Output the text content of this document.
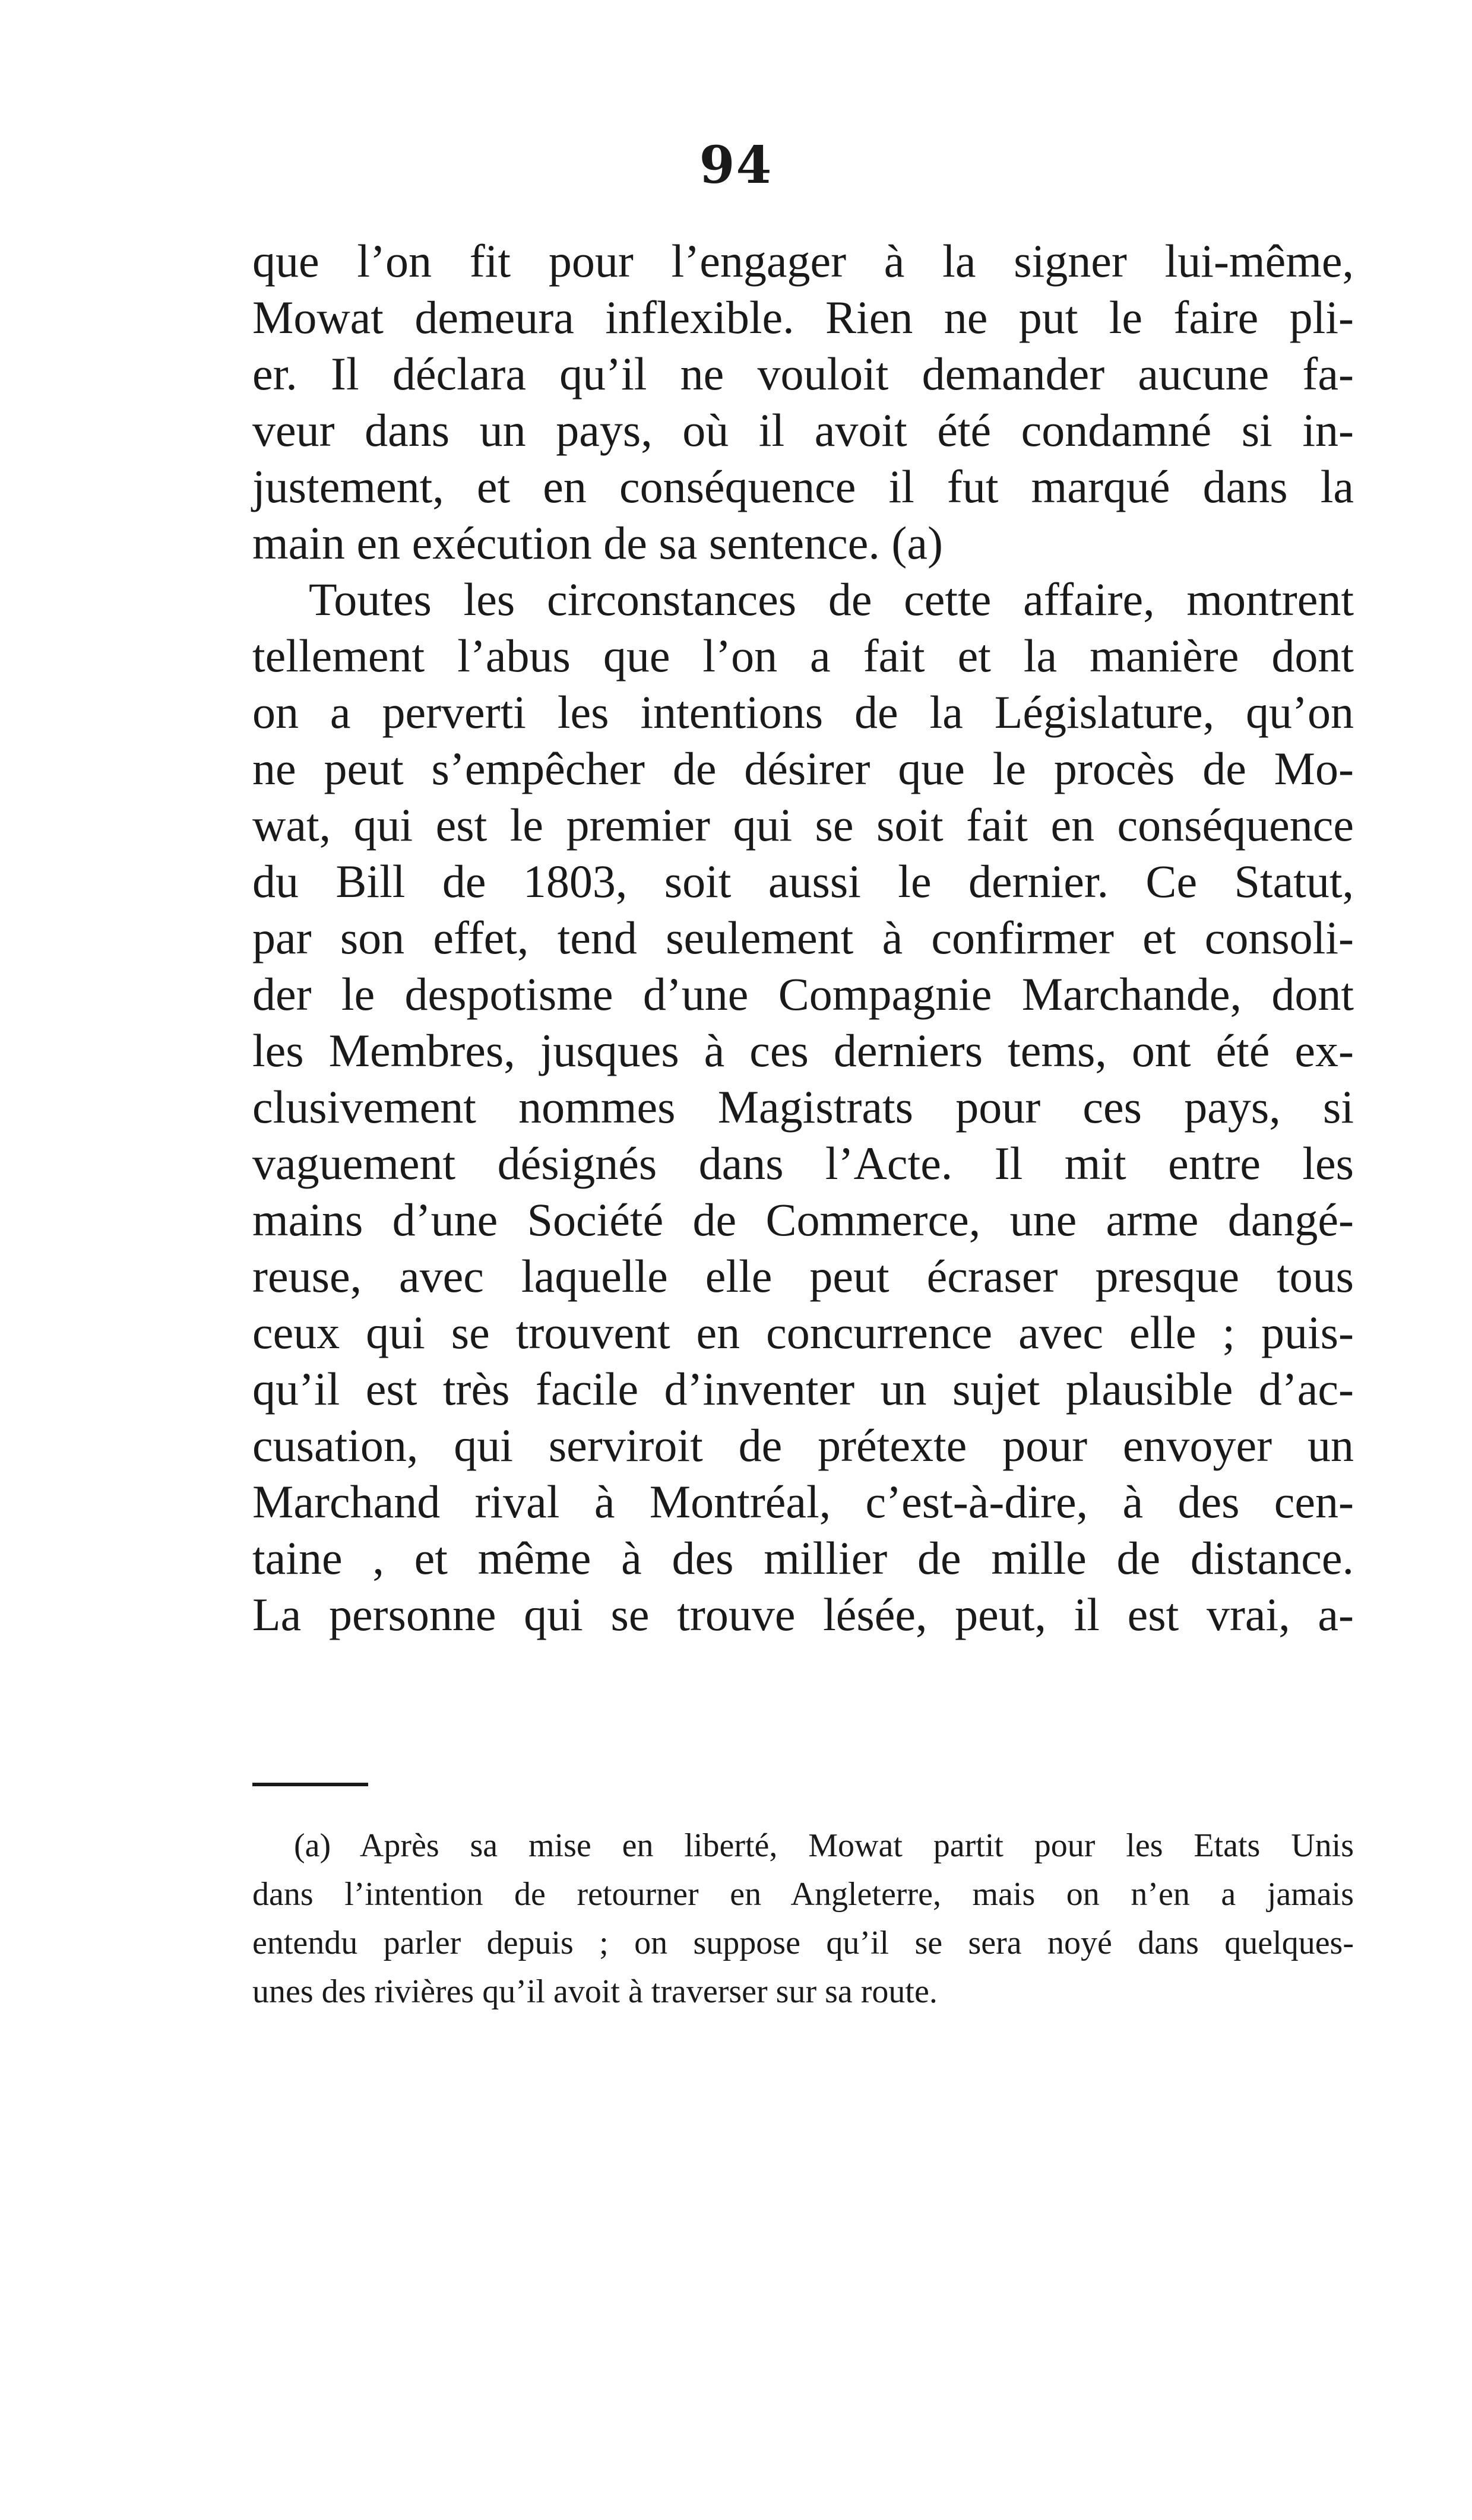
94
que l’on fit pour l’engager à la signer lui-même,
Mowat demeura inflexible. Rien ne put le faire pli-
er. Il déclara qu’il ne vouloit demander aucune fa-
veur dans un pays, où il avoit été condamné si in-
justement, et en conséquence il fut marqué dans la
main en exécution de sa sentence. (a)
Toutes les circonstances de cette affaire, montrent
tellement l’abus que l’on a fait et la manière dont
on a perverti les intentions de la Législature, qu’on
ne peut s’empêcher de désirer que le procès de Mo-
wat, qui est le premier qui se soit fait en conséquence
du Bill de 1803, soit aussi le dernier. Ce Statut,
par son effet, tend seulement à confirmer et consoli-
der le despotisme d’une Compagnie Marchande, dont
les Membres, jusques à ces derniers tems, ont été ex-
clusivement nommes Magistrats pour ces pays, si
vaguement désignés dans l’Acte. Il mit entre les
mains d’une Société de Commerce, une arme dangé-
reuse, avec laquelle elle peut écraser presque tous
ceux qui se trouvent en concurrence avec elle ; puis-
qu’il est très facile d’inventer un sujet plausible d’ac-
cusation, qui serviroit de prétexte pour envoyer un
Marchand rival à Montréal, c’est-à-dire, à des cen-
taine , et même à des millier de mille de distance.
La personne qui se trouve lésée, peut, il est vrai, a-
(a) Après sa mise en liberté, Mowat partit pour les Etats Unis
dans l’intention de retourner en Angleterre, mais on n’en a jamais
entendu parler depuis ; on suppose qu’il se sera noyé dans quelques-
unes des rivières qu’il avoit à traverser sur sa route.
